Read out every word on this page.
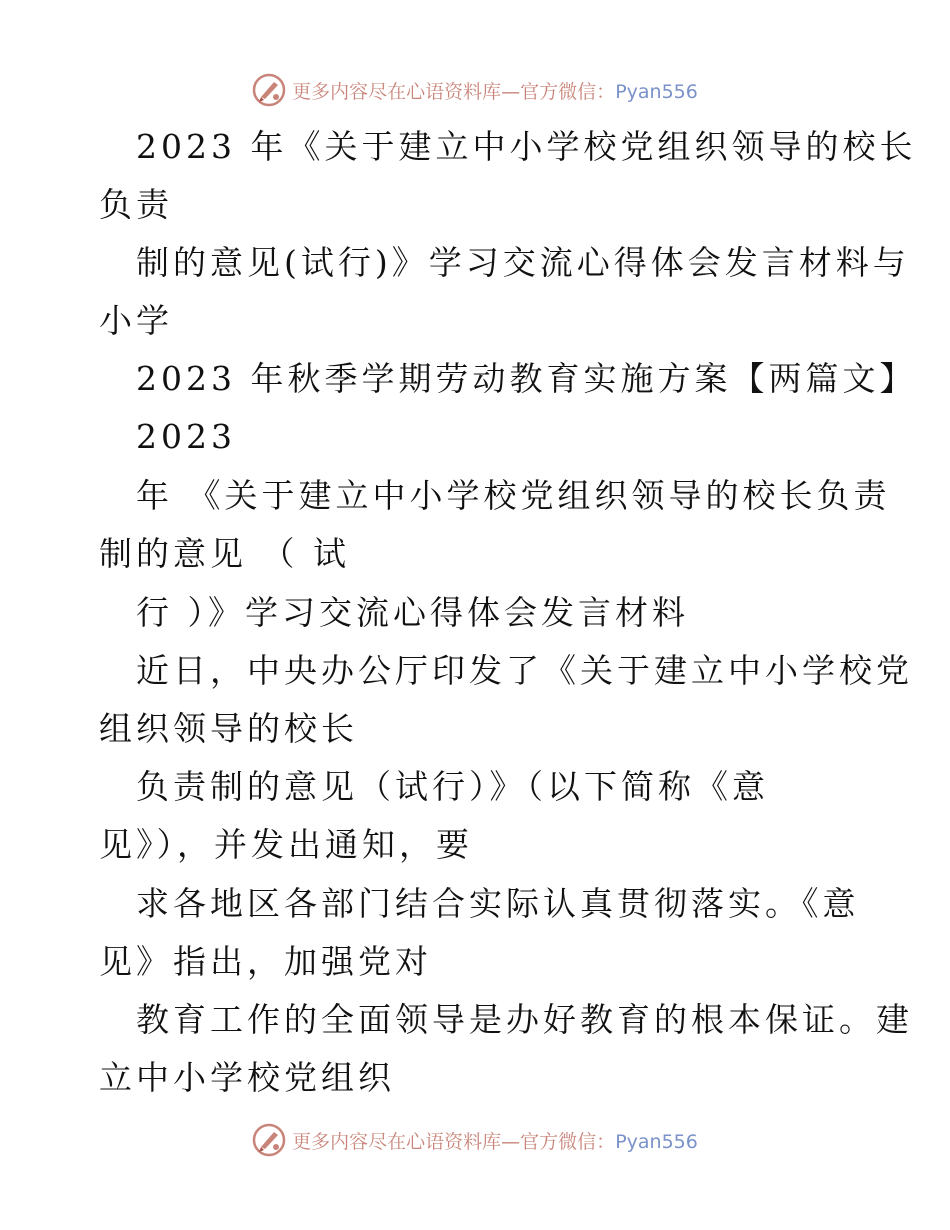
更多内容尽在心语资料库—官方微信：Pyan556
2023 年《关于建立中小学校党组织领导的校长
负责
制的意见(试行)》学习交流心得体会发言材料与
小学
2023 年秋季学期劳动教育实施方案【两篇文】
2023
年 《关于建立中小学校党组织领导的校长负责
制的意见 （ 试
行 ）》学习交流心得体会发言材料
近日，中央办公厅印发了《关于建立中小学校党
组织领导的校长
负责制的意见（试行）》（以下简称《意
见》），并发出通知，要
求各地区各部门结合实际认真贯彻落实。《意
见》指出，加强党对
教育工作的全面领导是办好教育的根本保证。建
立中小学校党组织
更多内容尽在心语资料库—官方微信：Pyan556
